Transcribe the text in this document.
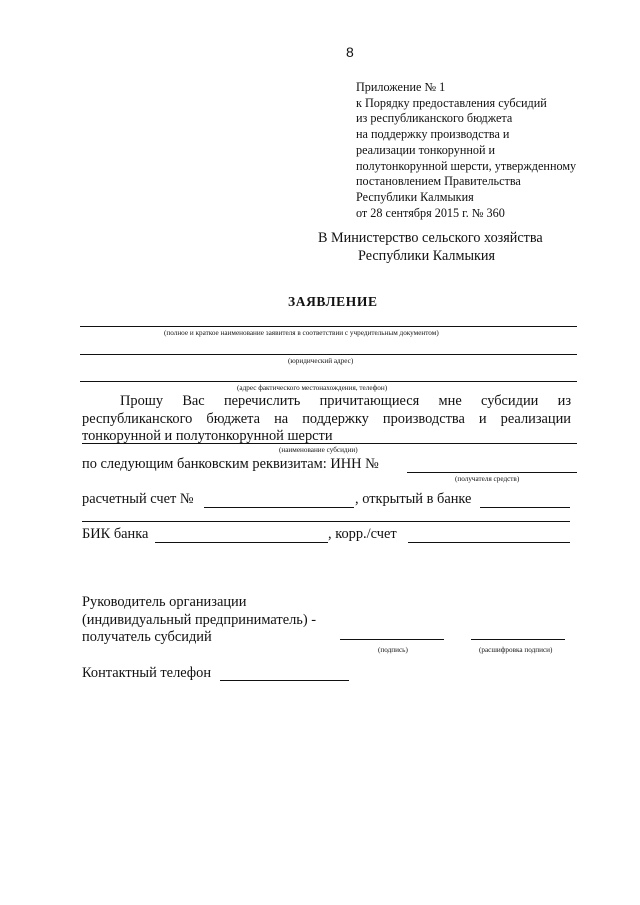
8
Приложение № 1
к Порядку предоставления субсидий
из республиканского бюджета
на поддержку производства и
реализации тонкорунной и
полутонкорунной шерсти, утвержденному
постановлением Правительства
Республики Калмыкия
от 28 сентября 2015 г. № 360
В Министерство сельского хозяйства
Республики Калмыкия
ЗАЯВЛЕНИЕ
(полное и краткое наименование заявителя в соответствии с учредительным документом)
(юридический адрес)
(адрес фактического местонахождения, телефон)
Прошу Вас перечислить причитающиеся мне субсидии из
республиканского бюджета на поддержку производства и реализации
тонкорунной и полутонкорунной шерсти
(наименование субсидии)
по следующим банковским реквизитам: ИНН №
(получателя средств)
расчетный счет №	, открытый в банке
БИК банка	, корр./счет
Руководитель организации
(индивидуальный предприниматель) -
получатель субсидий
(подпись)	(расшифровка подписи)
Контактный телефон
